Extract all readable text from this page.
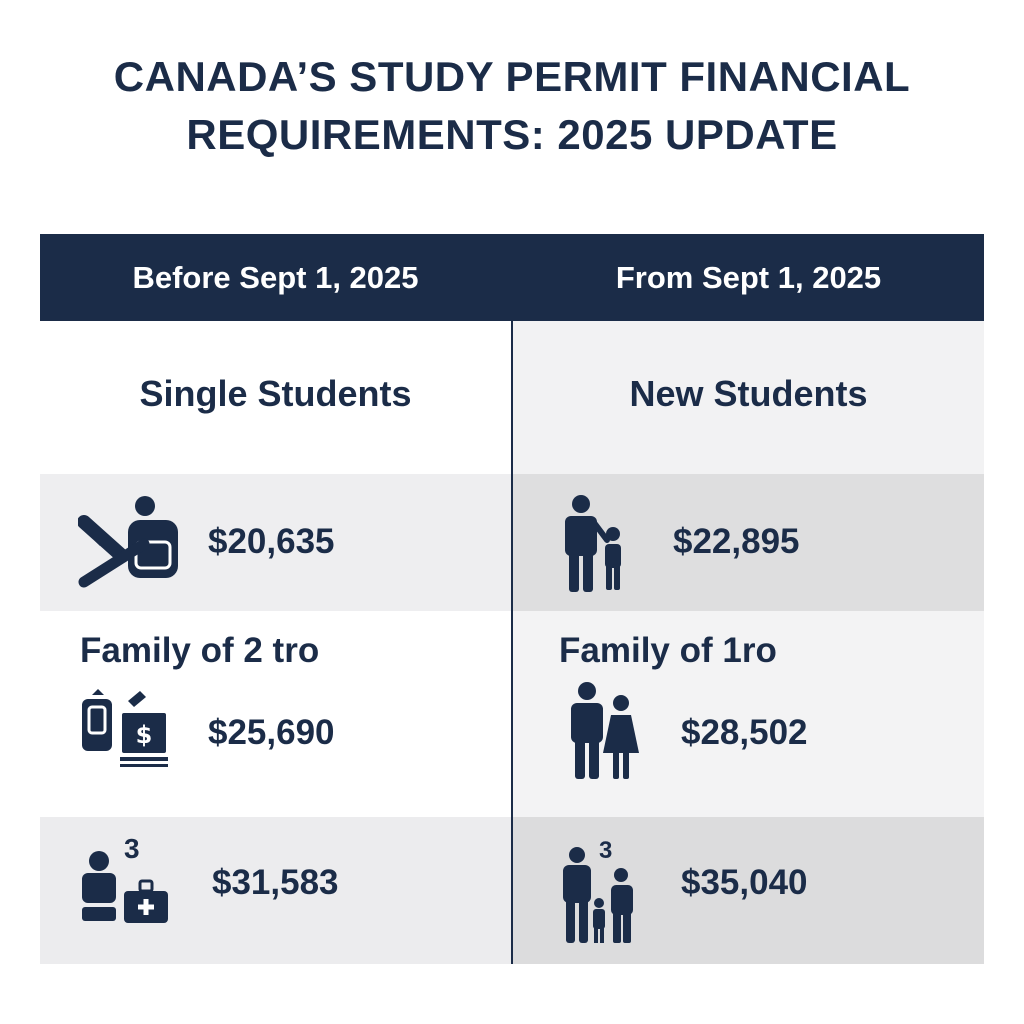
CANADA’S STUDY PERMIT FINANCIAL
REQUIREMENTS: 2025 UPDATE
Before Sept 1, 2025	From Sept 1, 2025
Single Students
$20,635
Family of 2 tro
$ $25,690
3
$31,583
New Students
$22,895
Family of 1ro
$28,502
3
$35,040
